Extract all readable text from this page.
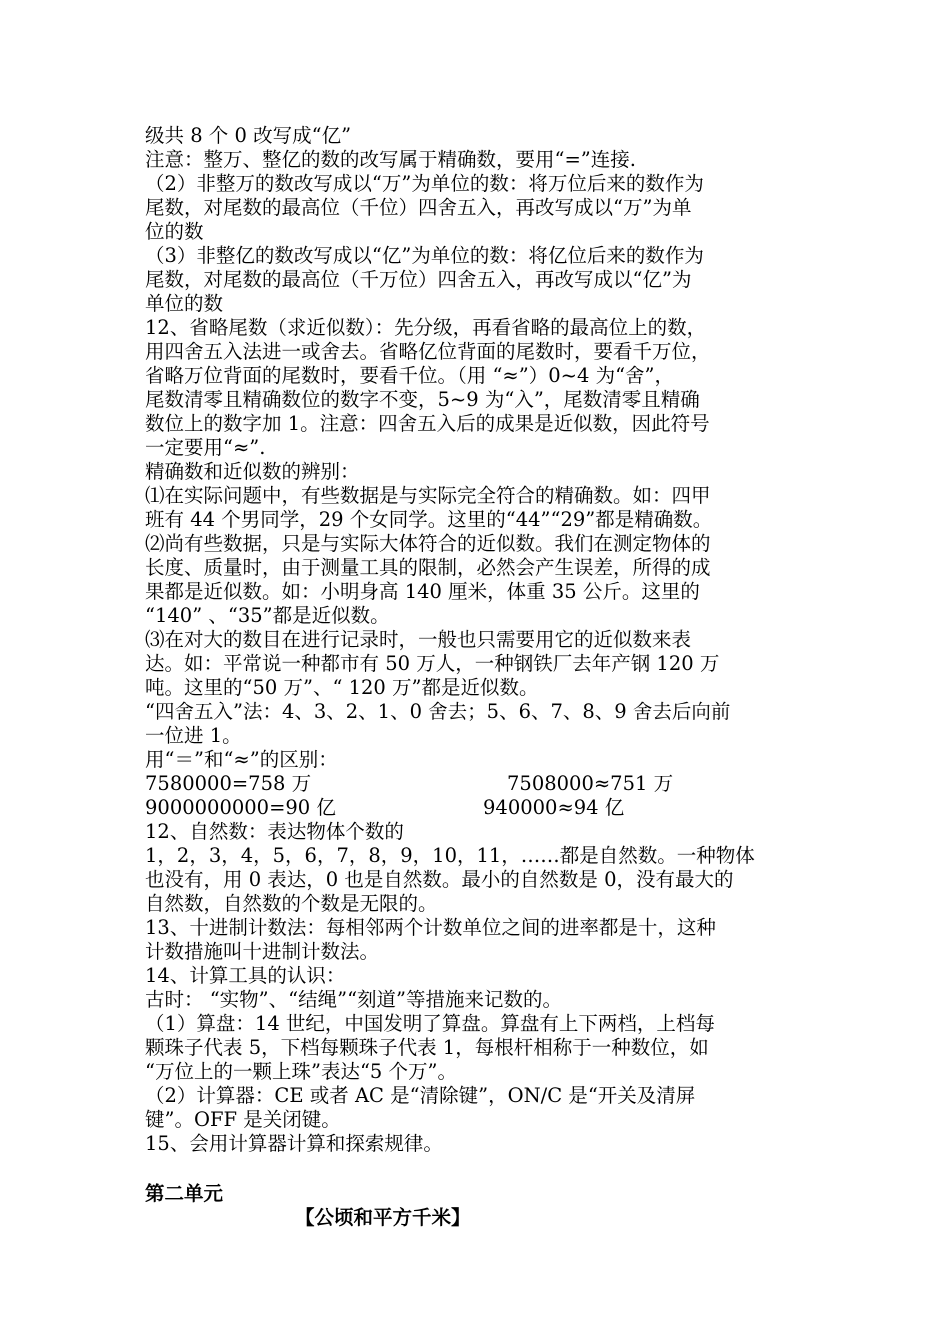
级共 8 个 0 改写成“亿”
注意：整万、整亿的数的改写属于精确数，要用“=”连接.
（2）非整万的数改写成以“万”为单位的数：将万位后来的数作为
尾数，对尾数的最高位（千位）四舍五入，再改写成以“万”为单
位的数
（3）非整亿的数改写成以“亿”为单位的数：将亿位后来的数作为
尾数，对尾数的最高位（千万位）四舍五入，再改写成以“亿”为
单位的数
12、省略尾数（求近似数）：先分级，再看省略的最高位上的数，
用四舍五入法进一或舍去。省略亿位背面的尾数时，要看千万位，
省略万位背面的尾数时，要看千位。（用 “≈”）0~4 为“舍”，
尾数清零且精确数位的数字不变，5~9 为“入”，尾数清零且精确
数位上的数字加 1。注意：四舍五入后的成果是近似数，因此符号
一定要用“≈”.
精确数和近似数的辨别：
⑴在实际问题中，有些数据是与实际完全符合的精确数。如：四甲
班有 44 个男同学，29 个女同学。这里的“44”“29”都是精确数。
⑵尚有些数据，只是与实际大体符合的近似数。我们在测定物体的
长度、质量时，由于测量工具的限制，必然会产生误差，所得的成
果都是近似数。如：小明身高 140 厘米，体重 35 公斤。这里的
“140” 、“35”都是近似数。
⑶在对大的数目在进行记录时，一般也只需要用它的近似数来表
达。如：平常说一种都市有 50 万人，一种钢铁厂去年产钢 120 万
吨。这里的“50 万”、“ 120 万”都是近似数。
“四舍五入”法：4、3、2、1、0 舍去；5、6、7、8、9 舍去后向前
一位进 1。
用“＝”和“≈”的区别：

7580000=758 万

	7508000≈751 万

9000000000=90 亿

	940000≈94 亿

12、自然数：表达物体个数的
1，2，3，4，5，6，7，8，9，10，11，……都是自然数。一种物体
也没有，用 0 表达，0 也是自然数。最小的自然数是 0，没有最大的
自然数，自然数的个数是无限的。
13、十进制计数法：每相邻两个计数单位之间的进率都是十，这种
计数措施叫十进制计数法。
14、计算工具的认识：
古时： “实物”、“结绳”“刻道”等措施来记数的。
（1）算盘：14 世纪，中国发明了算盘。算盘有上下两档，上档每
颗珠子代表 5，下档每颗珠子代表 1，每根杆相称于一种数位，如
“万位上的一颗上珠”表达“5 个万”。
（2）计算器：CE 或者 AC 是“清除键”，ON/C 是“开关及清屏
键”。OFF 是关闭键。
15、会用计算器计算和探索规律。

第二单元

【公顷和平方千米】
